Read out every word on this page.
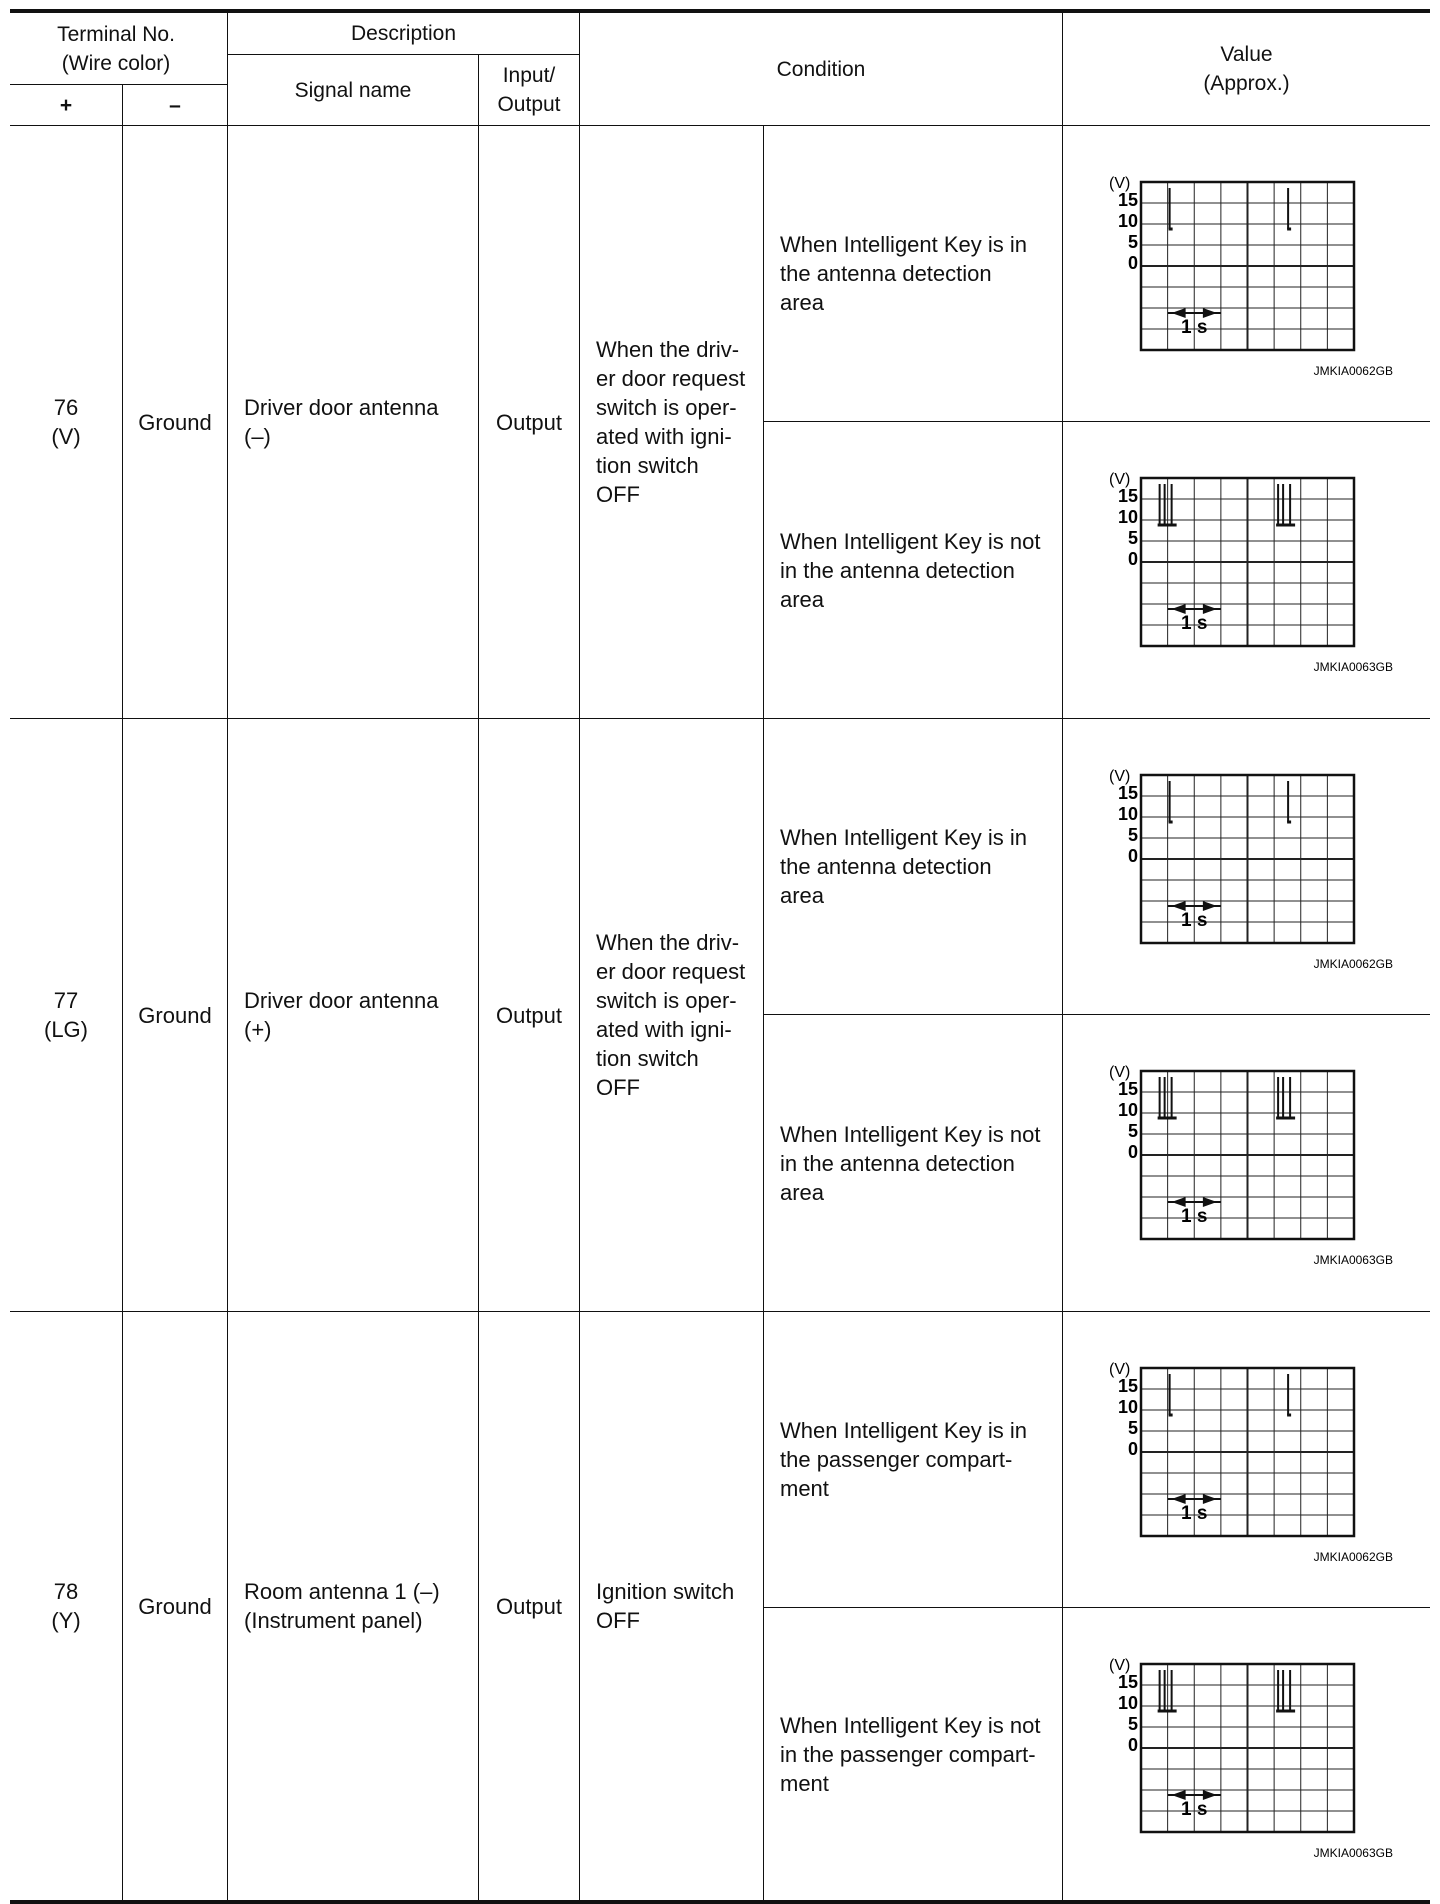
Terminal No.
(Wire color)
+	–
Description
Signal name
Input/
Output
Condition
Value
(Approx.)
76
(V)
Ground
Driver door antenna
(–)
Output
When the driv-
er door request
switch is oper-
ated with igni-
tion switch
OFF
When Intelligent Key is in
the antenna detection
area
When Intelligent Key is not
in the antenna detection
area
(V)
15
10
5
0
1 s
JMKIA0062GB
(V)
15
10
5
0
1 s
JMKIA0063GB
77
(LG)
Ground
Driver door antenna
(+)
Output
When the driv-
er door request
switch is oper-
ated with igni-
tion switch
OFF
When Intelligent Key is in
the antenna detection
area
When Intelligent Key is not
in the antenna detection
area
(V)
15
10
5
0
1 s
JMKIA0062GB
(V)
15
10
5
0
1 s
JMKIA0063GB
78
(Y)
Ground
Room antenna 1 (–)
(Instrument panel)
Output
Ignition switch
OFF
When Intelligent Key is in
the passenger compart-
ment
When Intelligent Key is not
in the passenger compart-
ment
(V)
15
10
5
0
1 s
JMKIA0062GB
(V)
15
10
5
0
1 s
JMKIA0063GB
